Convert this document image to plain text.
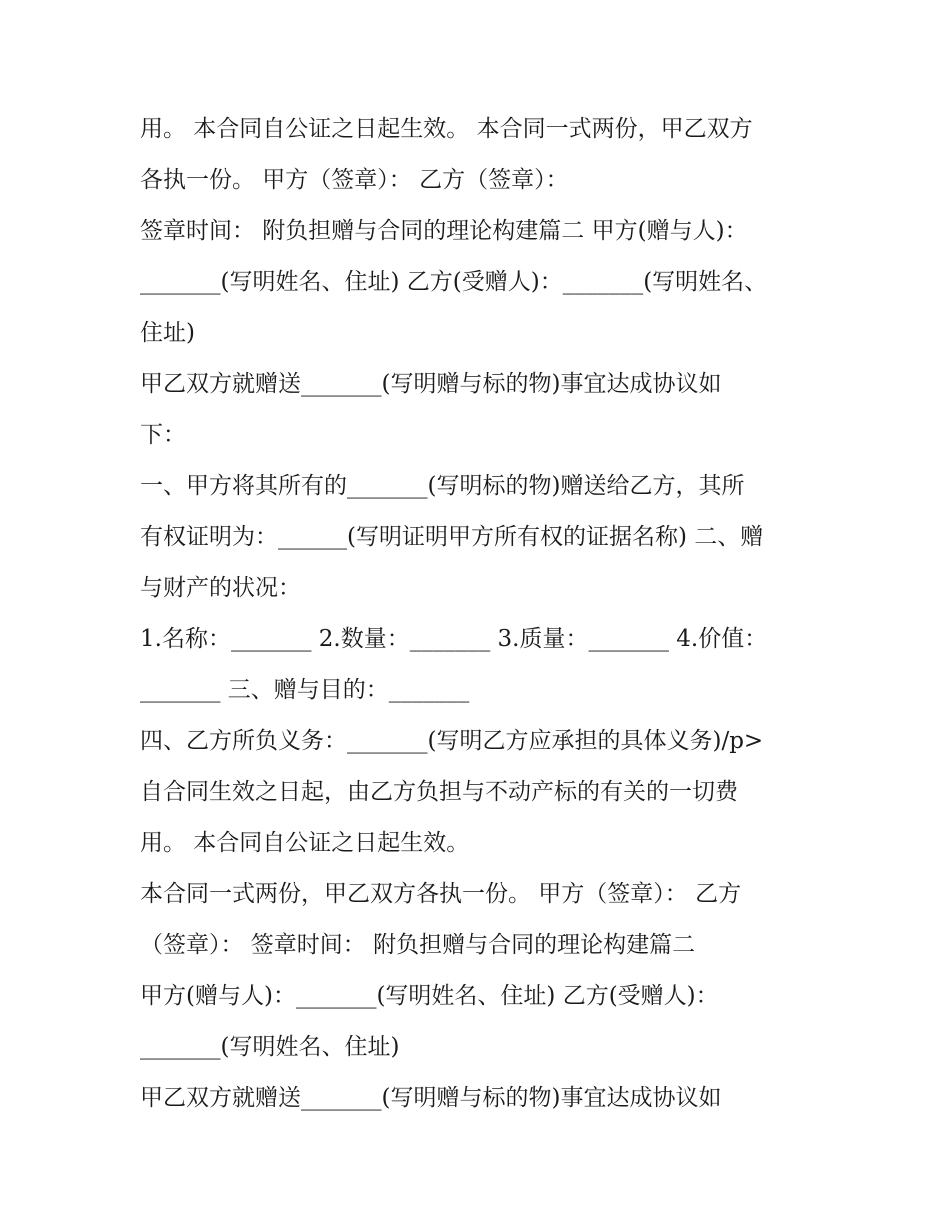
用。 本合同自公证之日起生效。 本合同一式两份，甲乙双方

各执一份。 甲方（签章）： 乙方（签章）：

签章时间： 附负担赠与合同的理论构建篇二 甲方(赠与人)：

_______(写明姓名、住址) 乙方(受赠人)：_______(写明姓名、

住址)

甲乙双方就赠送_______(写明赠与标的物)事宜达成协议如

下：

一、甲方将其所有的_______(写明标的物)赠送给乙方，其所

有权证明为：______(写明证明甲方所有权的证据名称) 二、赠

与财产的状况：

1.名称：_______ 2.数量：_______ 3.质量：_______ 4.价值：

_______ 三、赠与目的：_______

四、乙方所负义务：_______(写明乙方应承担的具体义务)/p>

自合同生效之日起，由乙方负担与不动产标的有关的一切费

用。 本合同自公证之日起生效。

本合同一式两份，甲乙双方各执一份。 甲方（签章）： 乙方

（签章）： 签章时间： 附负担赠与合同的理论构建篇二

甲方(赠与人)：_______(写明姓名、住址) 乙方(受赠人)：

_______(写明姓名、住址)

甲乙双方就赠送_______(写明赠与标的物)事宜达成协议如
